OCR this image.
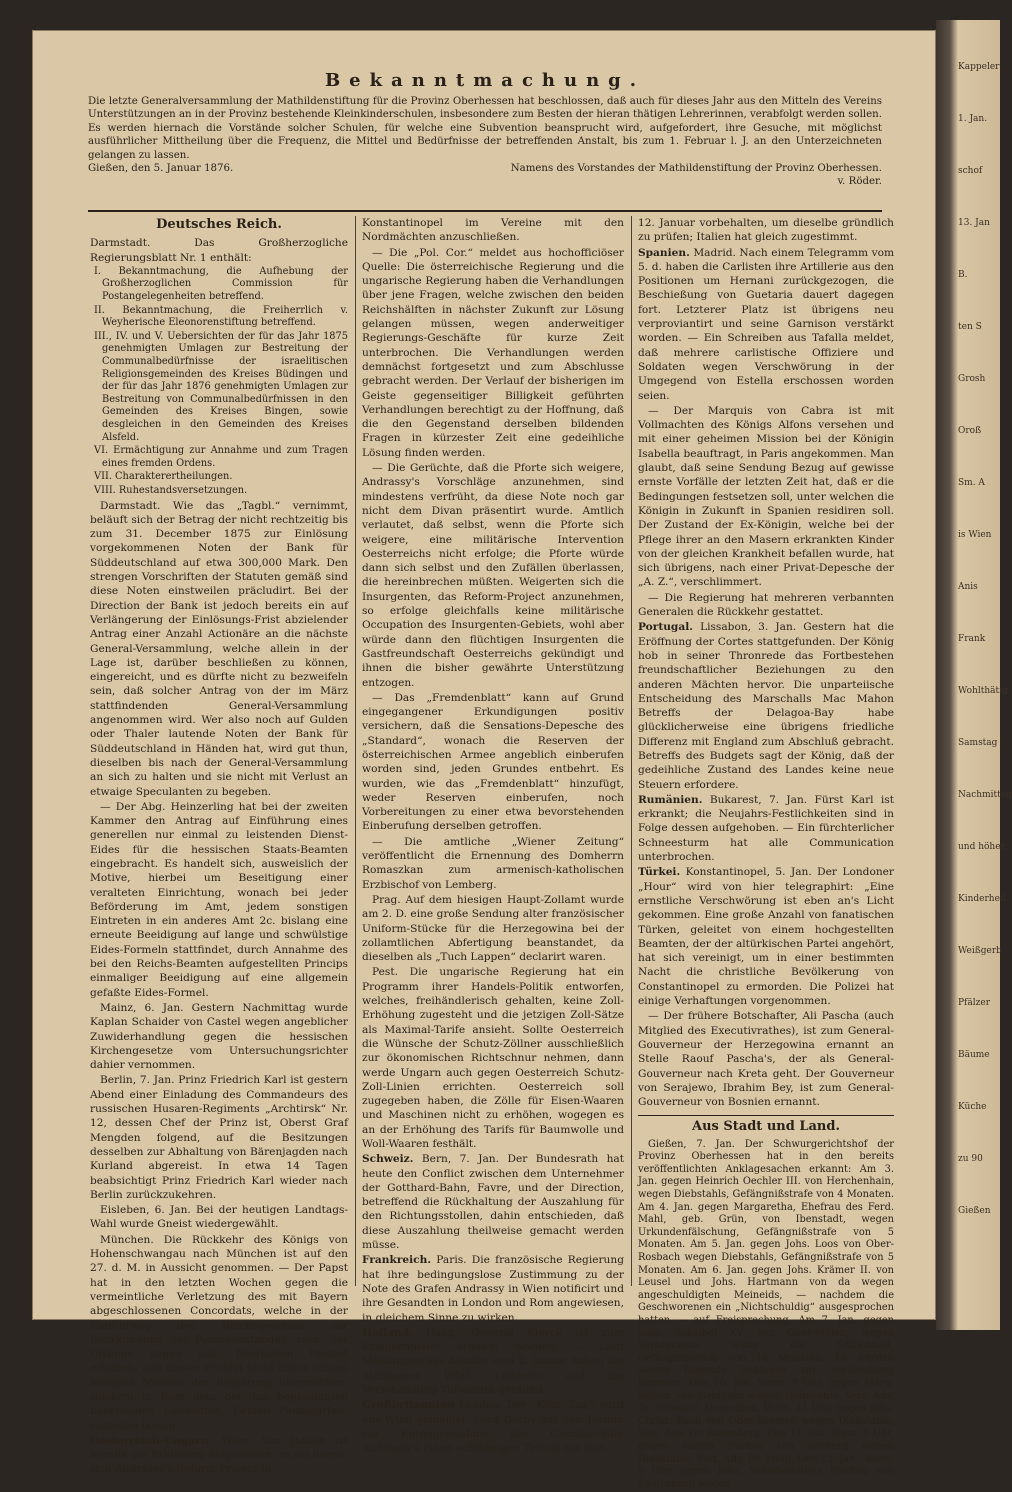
Bekanntmachung.
Die letzte Generalversammlung der Mathildenstiftung für die Provinz Oberhessen hat beschlossen, daß auch für dieses Jahr aus den Mitteln des Vereins Unterstützungen an in der Provinz bestehende Kleinkinderschulen, insbesondere zum Besten der hieran thätigen Lehrerinnen, verabfolgt werden sollen. Es werden hiernach die Vorstände solcher Schulen, für welche eine Subvention beansprucht wird, aufgefordert, ihre Gesuche, mit möglichst ausführlicher Mittheilung über die Frequenz, die Mittel und Bedürfnisse der betreffenden Anstalt, bis zum 1. Februar l. J. an den Unterzeichneten gelangen zu lassen.
Gießen, den 5. Januar 1876.	Namens des Vorstandes der Mathildenstiftung der Provinz Oberhessen.
v. Röder.
Deutsches Reich.

Darmstadt. Das Großherzogliche Regierungsblatt Nr. 1 enthält:

I. Bekanntmachung, die Aufhebung der Großherzoglichen Commission für Postangelegenheiten betreffend.

II. Bekanntmachung, die Freiherrlich v. Weyherische Eleonorenstiftung betreffend.

III., IV. und V. Uebersichten der für das Jahr 1875 genehmigten Umlagen zur Bestreitung der Communalbedürfnisse der israelitischen Religionsgemeinden des Kreises Büdingen und der für das Jahr 1876 genehmigten Umlagen zur Bestreitung von Communalbedürfnissen in den Gemeinden des Kreises Bingen, sowie desgleichen in den Gemeinden des Kreises Alsfeld.

VI. Ermächtigung zur Annahme und zum Tragen eines fremden Ordens.

VII. Charakterertheilungen.

VIII. Ruhestandsversetzungen.

Darmstadt. Wie das „Tagbl.“ vernimmt, beläuft sich der Betrag der nicht rechtzeitig bis zum 31. December 1875 zur Einlösung vorgekommenen Noten der Bank für Süddeutschland auf etwa 300,000 Mark. Den strengen Vorschriften der Statuten gemäß sind diese Noten einstweilen präcludirt. Bei der Direction der Bank ist jedoch bereits ein auf Verlängerung der Einlösungs-Frist abzielender Antrag einer Anzahl Actionäre an die nächste General-Versammlung, welche allein in der Lage ist, darüber beschließen zu können, eingereicht, und es dürfte nicht zu bezweifeln sein, daß solcher Antrag von der im März stattfindenden General-Versammlung angenommen wird. Wer also noch auf Gulden oder Thaler lautende Noten der Bank für Süddeutschland in Händen hat, wird gut thun, dieselben bis nach der General-Versammlung an sich zu halten und sie nicht mit Verlust an etwaige Speculanten zu begeben.

— Der Abg. Heinzerling hat bei der zweiten Kammer den Antrag auf Einführung eines generellen nur einmal zu leistenden Dienst-Eides für die hessischen Staats-Beamten eingebracht. Es handelt sich, ausweislich der Motive, hierbei um Beseitigung einer veralteten Einrichtung, wonach bei jeder Beförderung im Amt, jedem sonstigen Eintreten in ein anderes Amt 2c. bislang eine erneute Beeidigung auf lange und schwülstige Eides-Formeln stattfindet, durch Annahme des bei den Reichs-Beamten aufgestellten Princips einmaliger Beeidigung auf eine allgemein gefaßte Eides-Formel.

Mainz, 6. Jan. Gestern Nachmittag wurde Kaplan Schaider von Castel wegen angeblicher Zuwiderhandlung gegen die hessischen Kirchengesetze vom Untersuchungsrichter dahier vernommen.

Berlin, 7. Jan. Prinz Friedrich Karl ist gestern Abend einer Einladung des Commandeurs des russischen Husaren-Regiments „Archtirsk“ Nr. 12, dessen Chef der Prinz ist, Oberst Graf Mengden folgend, auf die Besitzungen desselben zur Abhaltung von Bärenjagden nach Kurland abgereist. In etwa 14 Tagen beabsichtigt Prinz Friedrich Karl wieder nach Berlin zurückzukehren.

Eisleben, 6. Jan. Bei der heutigen Landtags-Wahl wurde Gneist wiedergewählt.

München. Die Rückkehr des Königs von Hohenschwangau nach München ist auf den 27. d. M. in Aussicht genommen. — Der Papst hat in den letzten Wochen gegen die vermeintliche Verletzung des mit Bayern abgeschlossenen Concordats, welche in der Einführung des Reichsgesetzes zur Beurkundung des Personenstandes, resp. der Civilehe liegen soll, feierlichen Protest erhoben, und diesen Protest nicht durch seinen hiesigen Nuntius der Regierung überreichen, sondern in Rom dem bei ihm beglaubigten bayerischen Gesandten, Grafen Paumgarten, zustellen lassen.

Oesterreich-Ungarn. Wien. Von Italien ist bereits die Erklärung eingelaufen, es sei bereit, sich Andrassy's Reform-Project in

Konstantinopel im Vereine mit den Nordmächten anzuschließen.

— Die „Pol. Cor.“ meldet aus hochofficiöser Quelle: Die österreichische Regierung und die ungarische Regierung haben die Verhandlungen über jene Fragen, welche zwischen den beiden Reichshälften in nächster Zukunft zur Lösung gelangen müssen, wegen anderweitiger Regierungs-Geschäfte für kurze Zeit unterbrochen. Die Verhandlungen werden demnächst fortgesetzt und zum Abschlusse gebracht werden. Der Verlauf der bisherigen im Geiste gegenseitiger Billigkeit geführten Verhandlungen berechtigt zu der Hoffnung, daß die den Gegenstand derselben bildenden Fragen in kürzester Zeit eine gedeihliche Lösung finden werden.

— Die Gerüchte, daß die Pforte sich weigere, Andrassy's Vorschläge anzunehmen, sind mindestens verfrüht, da diese Note noch gar nicht dem Divan präsentirt wurde. Amtlich verlautet, daß selbst, wenn die Pforte sich weigere, eine militärische Intervention Oesterreichs nicht erfolge; die Pforte würde dann sich selbst und den Zufällen überlassen, die hereinbrechen müßten. Weigerten sich die Insurgenten, das Reform-Project anzunehmen, so erfolge gleichfalls keine militärische Occupation des Insurgenten-Gebiets, wohl aber würde dann den flüchtigen Insurgenten die Gastfreundschaft Oesterreichs gekündigt und ihnen die bisher gewährte Unterstützung entzogen.

— Das „Fremdenblatt“ kann auf Grund eingegangener Erkundigungen positiv versichern, daß die Sensations-Depesche des „Standard“, wonach die Reserven der österreichischen Armee angeblich einberufen worden sind, jeden Grundes entbehrt. Es wurden, wie das „Fremdenblatt“ hinzufügt, weder Reserven einberufen, noch Vorbereitungen zu einer etwa bevorstehenden Einberufung derselben getroffen.

— Die amtliche „Wiener Zeitung“ veröffentlicht die Ernennung des Domherrn Romaszkan zum armenisch-katholischen Erzbischof von Lemberg.

Prag. Auf dem hiesigen Haupt-Zollamt wurde am 2. D. eine große Sendung alter französischer Uniform-Stücke für die Herzegowina bei der zollamtlichen Abfertigung beanstandet, da dieselben als „Tuch Lappen“ declarirt waren.

Pest. Die ungarische Regierung hat ein Programm ihrer Handels-Politik entworfen, welches, freihändlerisch gehalten, keine Zoll-Erhöhung zugesteht und die jetzigen Zoll-Sätze als Maximal-Tarife ansieht. Sollte Oesterreich die Wünsche der Schutz-Zöllner ausschließlich zur ökonomischen Richtschnur nehmen, dann werde Ungarn auch gegen Oesterreich Schutz-Zoll-Linien errichten. Oesterreich soll zugegeben haben, die Zölle für Eisen-Waaren und Maschinen nicht zu erhöhen, wogegen es an der Erhöhung des Tarifs für Baumwolle und Woll-Waaren festhält.

Schweiz. Bern, 7. Jan. Der Bundesrath hat heute den Conflict zwischen dem Unternehmer der Gotthard-Bahn, Favre, und der Direction, betreffend die Rückhaltung der Auszahlung für den Richtungsstollen, dahin entschieden, daß diese Auszahlung theilweise gemacht werden müsse.

Frankreich. Paris. Die französische Regierung hat ihre bedingungslose Zustimmung zu der Note des Grafen Andrassy in Wien notificirt und ihre Gesandten in London und Rom angewiesen, in gleichem Sinne zu wirken.

Holland. Haag. General Klerck ist zum Kriegsminister ernannt worden. — Laut Meldungen aus Atschin vom 2. Januar haben die Atchinesen Vital, Lamteric und die Verschanzung Töfonanta geräumt.

Großbritannien London. Der „Köln. Ztg.“ wird aus Wien gemeldet: Lord Derby hat den Termin zur Entgegennahme der Circular-Note Andrassy's einen achttägigen Termin bis zum

12. Januar vorbehalten, um dieselbe gründlich zu prüfen; Italien hat gleich zugestimmt.

Spanien. Madrid. Nach einem Telegramm vom 5. d. haben die Carlisten ihre Artillerie aus den Positionen um Hernani zurückgezogen, die Beschießung von Guetaria dauert dagegen fort. Letzterer Platz ist übrigens neu verproviantirt und seine Garnison verstärkt worden. — Ein Schreiben aus Tafalla meldet, daß mehrere carlistische Offiziere und Soldaten wegen Verschwörung in der Umgegend von Estella erschossen worden seien.

— Der Marquis von Cabra ist mit Vollmachten des Königs Alfons versehen und mit einer geheimen Mission bei der Königin Isabella beauftragt, in Paris angekommen. Man glaubt, daß seine Sendung Bezug auf gewisse ernste Vorfälle der letzten Zeit hat, daß er die Bedingungen festsetzen soll, unter welchen die Königin in Zukunft in Spanien residiren soll. Der Zustand der Ex-Königin, welche bei der Pflege ihrer an den Masern erkrankten Kinder von der gleichen Krankheit befallen wurde, hat sich übrigens, nach einer Privat-Depesche der „A. Z.“, verschlimmert.

— Die Regierung hat mehreren verbannten Generalen die Rückkehr gestattet.

Portugal. Lissabon, 3. Jan. Gestern hat die Eröffnung der Cortes stattgefunden. Der König hob in seiner Thronrede das Fortbestehen freundschaftlicher Beziehungen zu den anderen Mächten hervor. Die unparteiische Entscheidung des Marschalls Mac Mahon Betreffs der Delagoa-Bay habe glücklicherweise eine übrigens friedliche Differenz mit England zum Abschluß gebracht. Betreffs des Budgets sagt der König, daß der gedeihliche Zustand des Landes keine neue Steuern erfordere.

Rumänien. Bukarest, 7. Jan. Fürst Karl ist erkrankt; die Neujahrs-Festlichkeiten sind in Folge dessen aufgehoben. — Ein fürchterlicher Schneesturm hat alle Communication unterbrochen.

Türkei. Konstantinopel, 5. Jan. Der Londoner „Hour“ wird von hier telegraphirt: „Eine ernstliche Verschwörung ist eben an's Licht gekommen. Eine große Anzahl von fanatischen Türken, geleitet von einem hochgestellten Beamten, der der altürkischen Partei angehört, hat sich vereinigt, um in einer bestimmten Nacht die christliche Bevölkerung von Constantinopel zu ermorden. Die Polizei hat einige Verhaftungen vorgenommen.

— Der frühere Botschafter, Ali Pascha (auch Mitglied des Executivrathes), ist zum General-Gouverneur der Herzegowina ernannt an Stelle Raouf Pascha's, der als General-Gouverneur nach Kreta geht. Der Gouverneur von Serajewo, Ibrahim Bey, ist zum General-Gouverneur von Bosnien ernannt.

Aus Stadt und Land.

Gießen, 7. Jan. Der Schwurgerichtshof der Provinz Oberhessen hat in den bereits veröffentlichten Anklagesachen erkannt: Am 3. Jan. gegen Heinrich Oechler III. von Herchenhain, wegen Diebstahls, Gefängnißstrafe von 4 Monaten. Am 4. Jan. gegen Margaretha, Ehefrau des Ferd. Mahl, geb. Grün, von Ibenstadt, wegen Urkundenfälschung, Gefängnißstrafe von 5 Monaten. Am 5. Jan. gegen Johs. Loos von Ober-Rosbach wegen Diebstahls, Gefängnißstrafe von 5 Monaten. Am 6. Jan. gegen Johs. Krämer II. von Leusel und Johs. Hartmann von da wegen angeschuldigten Meineids, — nachdem die Geschworenen ein „Nichtschuldig“ ausgesprochen hatten — auf Freisprechung. Am 7. Jan. gegen Johs. Scheibel XV. von Ober-Mölen, wegen Verbrechens wider die Sittlichkeit, Gefängnißstrafe von 14 Monaten. Es werden weiter folgende Anklagen zur Verhandlung kommen: Den 10. Jan. Vorm. 9 Uhr, gegen Marg. Rößler von Gelnhaar wegen Diebstahls. Vert. Adv. Dr. Schwarz. Denselben, Vorm. 11 Uhr, gegen Johs. Christ. Bach von Ober-Seemen wegen Diebstahls, Vert. Adv. Dr. Rosenberg. Den 11. Jan. Vorm. 9 Uhr, gegen Joseph Stieber von Borberg wegen Diebstahls, Vert. Adv. Dr. Mühl. Den 12. Jan., Vorm. 9 Uhr, gegen Johs. Schiebelhuth's Ehefrau von Lauterbach wegen

Kappeler
1. Jan.
schof
13. Jan
B.
ten S
Grosh
Oroß
Sm. A
is Wien
Anis
Frank
Wohlthätig
Samstag
Nachmittag
und höher
Kinderheil
Weißgerb
Pfälzer
Bäume
Küche
zu 90
Gießen
